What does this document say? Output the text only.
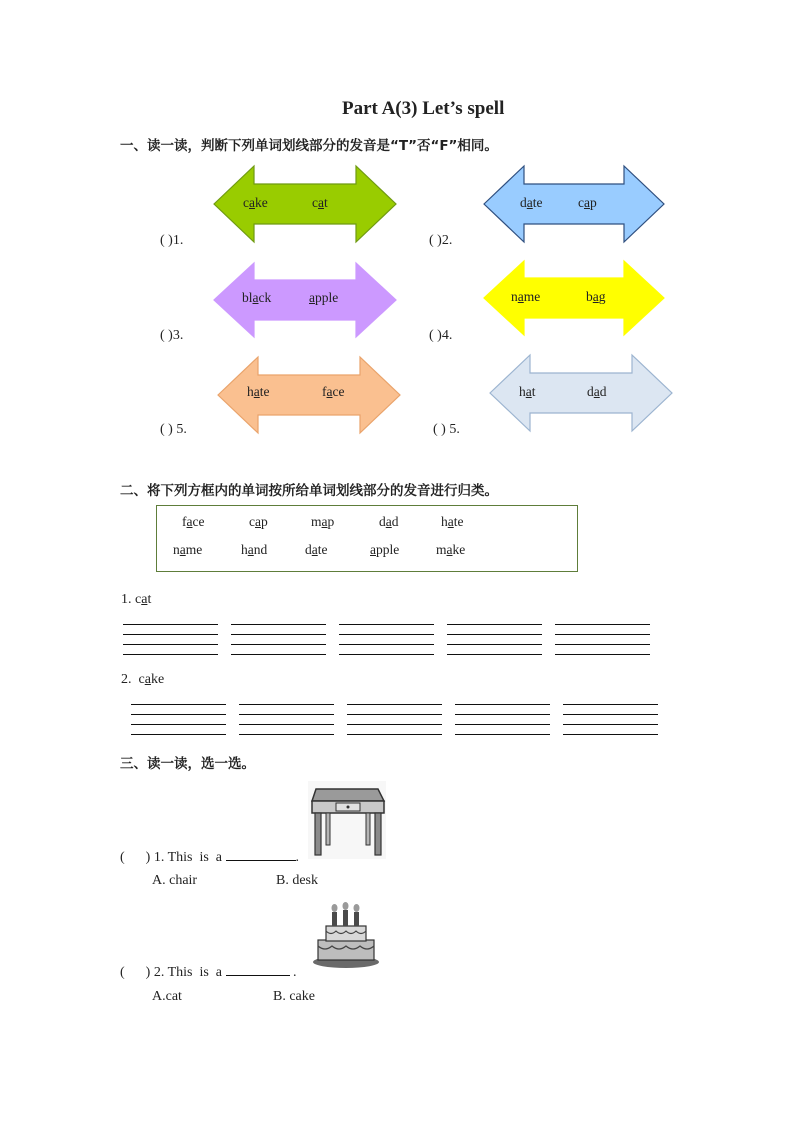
Part A(3) Let’s spell
一、读一读，判断下列单词划线部分的发音是“T”否“F”相同。
( )1.
cake	cat
( )2.
date	cap
( )3.
black	apple
( )4.
name	bag
( ) 5.
hate	face
( ) 5.
hat	dad
二、将下列方框内的单词按所给单词划线部分的发音进行归类。
face	cap	map	dad	hate
name	hand	date	apple	make
1. cat
2.  cake
三、读一读，选一选。
(      ) 1. This  is  a	.
A. chair	B. desk
(      ) 2. This  is  a	.
A.cat	B. cake
